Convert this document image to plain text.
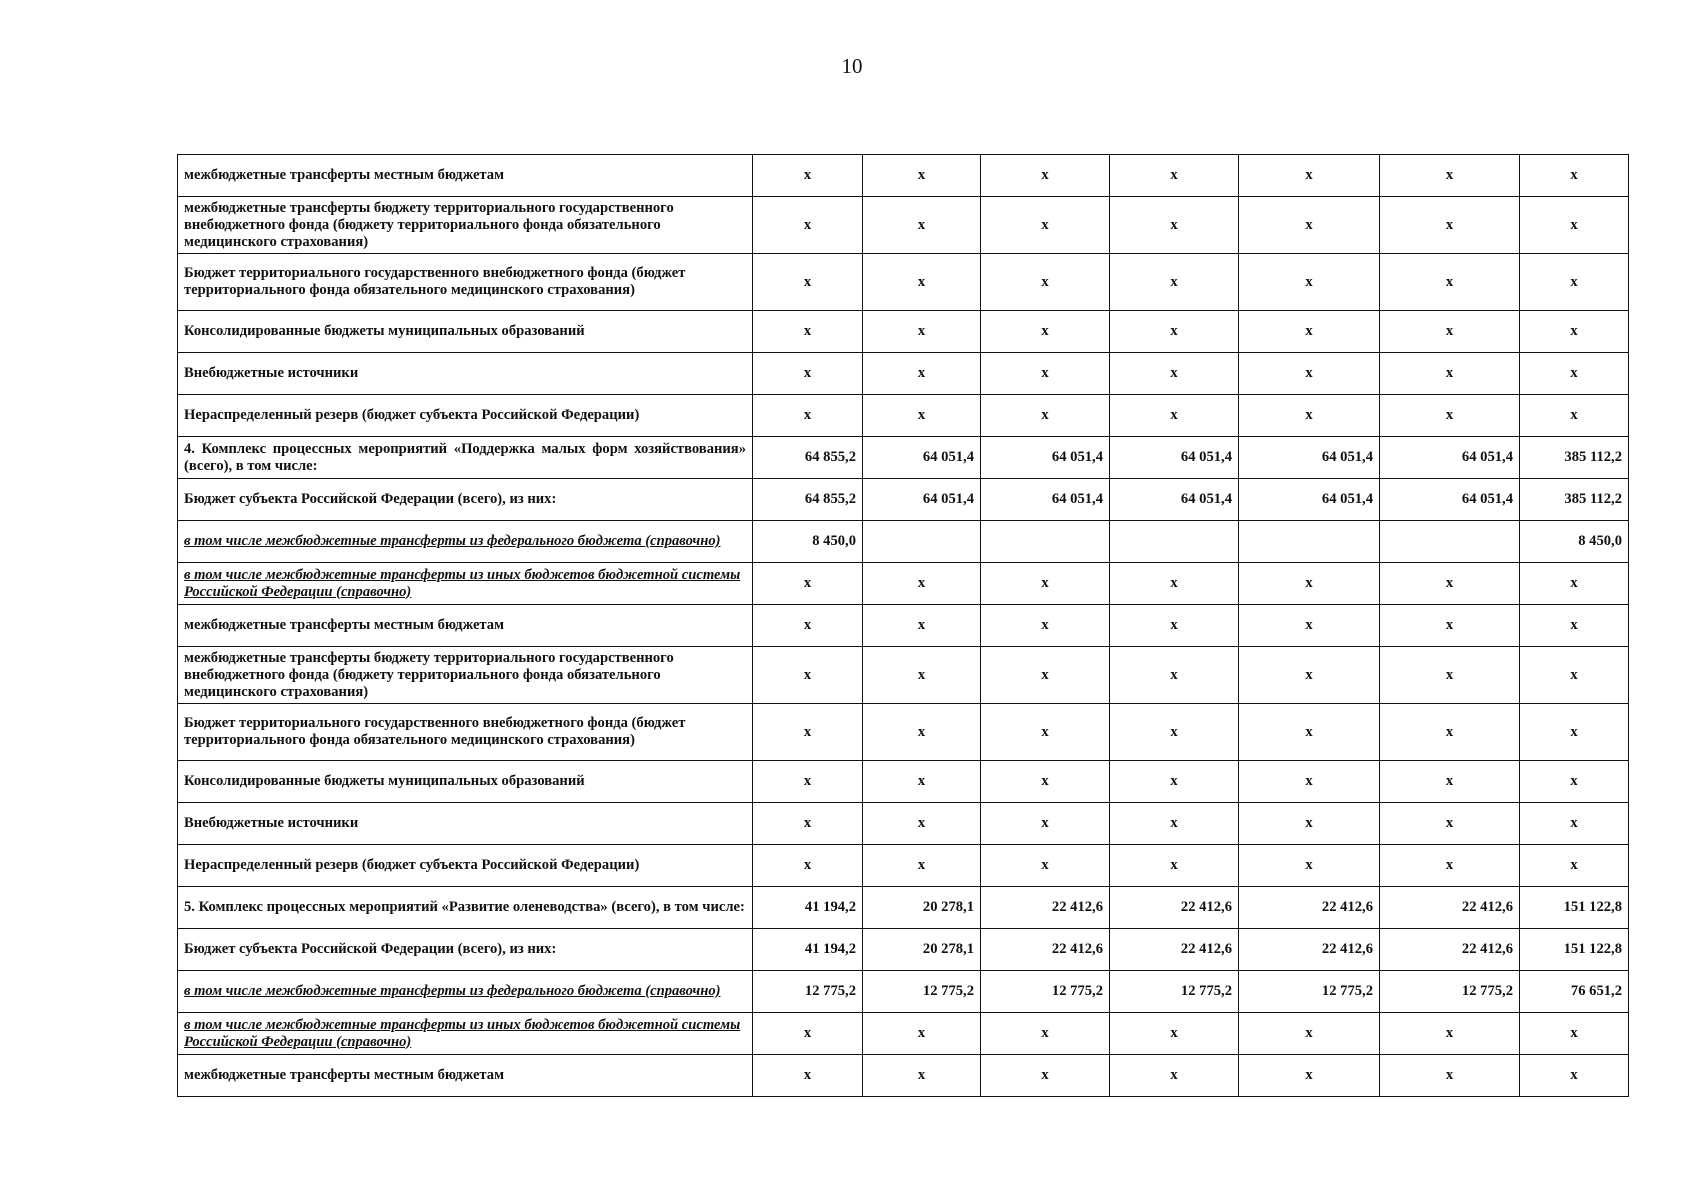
10
межбюджетные трансферты местным бюджетам	x	x	x	x	x	x	x
межбюджетные трансферты бюджету территориального государственного внебюджетного фонда (бюджету территориального фонда обязательного медицинского страхования)	x	x	x	x	x	x	x
Бюджет территориального государственного внебюджетного фонда (бюджет территориального фонда обязательного медицинского страхования)	x	x	x	x	x	x	x
Консолидированные бюджеты муниципальных образований	x	x	x	x	x	x	x
Внебюджетные источники	x	x	x	x	x	x	x
Нераспределенный резерв (бюджет субъекта Российской Федерации)	x	x	x	x	x	x	x
4. Комплекс процессных мероприятий «Поддержка малых форм хозяйствования» (всего), в том числе:	64 855,2	64 051,4	64 051,4	64 051,4	64 051,4	64 051,4	385 112,2
Бюджет субъекта Российской Федерации (всего), из них:	64 855,2	64 051,4	64 051,4	64 051,4	64 051,4	64 051,4	385 112,2
в том числе межбюджетные трансферты из федерального бюджета (справочно)	8 450,0						8 450,0
в том числе межбюджетные трансферты из иных бюджетов бюджетной системы Российской Федерации (справочно)	x	x	x	x	x	x	x
межбюджетные трансферты местным бюджетам	x	x	x	x	x	x	x
межбюджетные трансферты бюджету территориального государственного внебюджетного фонда (бюджету территориального фонда обязательного медицинского страхования)	x	x	x	x	x	x	x
Бюджет территориального государственного внебюджетного фонда (бюджет территориального фонда обязательного медицинского страхования)	x	x	x	x	x	x	x
Консолидированные бюджеты муниципальных образований	x	x	x	x	x	x	x
Внебюджетные источники	x	x	x	x	x	x	x
Нераспределенный резерв (бюджет субъекта Российской Федерации)	x	x	x	x	x	x	x
5. Комплекс процессных мероприятий «Развитие оленеводства» (всего), в том числе:	41 194,2	20 278,1	22 412,6	22 412,6	22 412,6	22 412,6	151 122,8
Бюджет субъекта Российской Федерации (всего), из них:	41 194,2	20 278,1	22 412,6	22 412,6	22 412,6	22 412,6	151 122,8
в том числе межбюджетные трансферты из федерального бюджета (справочно)	12 775,2	12 775,2	12 775,2	12 775,2	12 775,2	12 775,2	76 651,2
в том числе межбюджетные трансферты из иных бюджетов бюджетной системы Российской Федерации (справочно)	x	x	x	x	x	x	x
межбюджетные трансферты местным бюджетам	x	x	x	x	x	x	x
